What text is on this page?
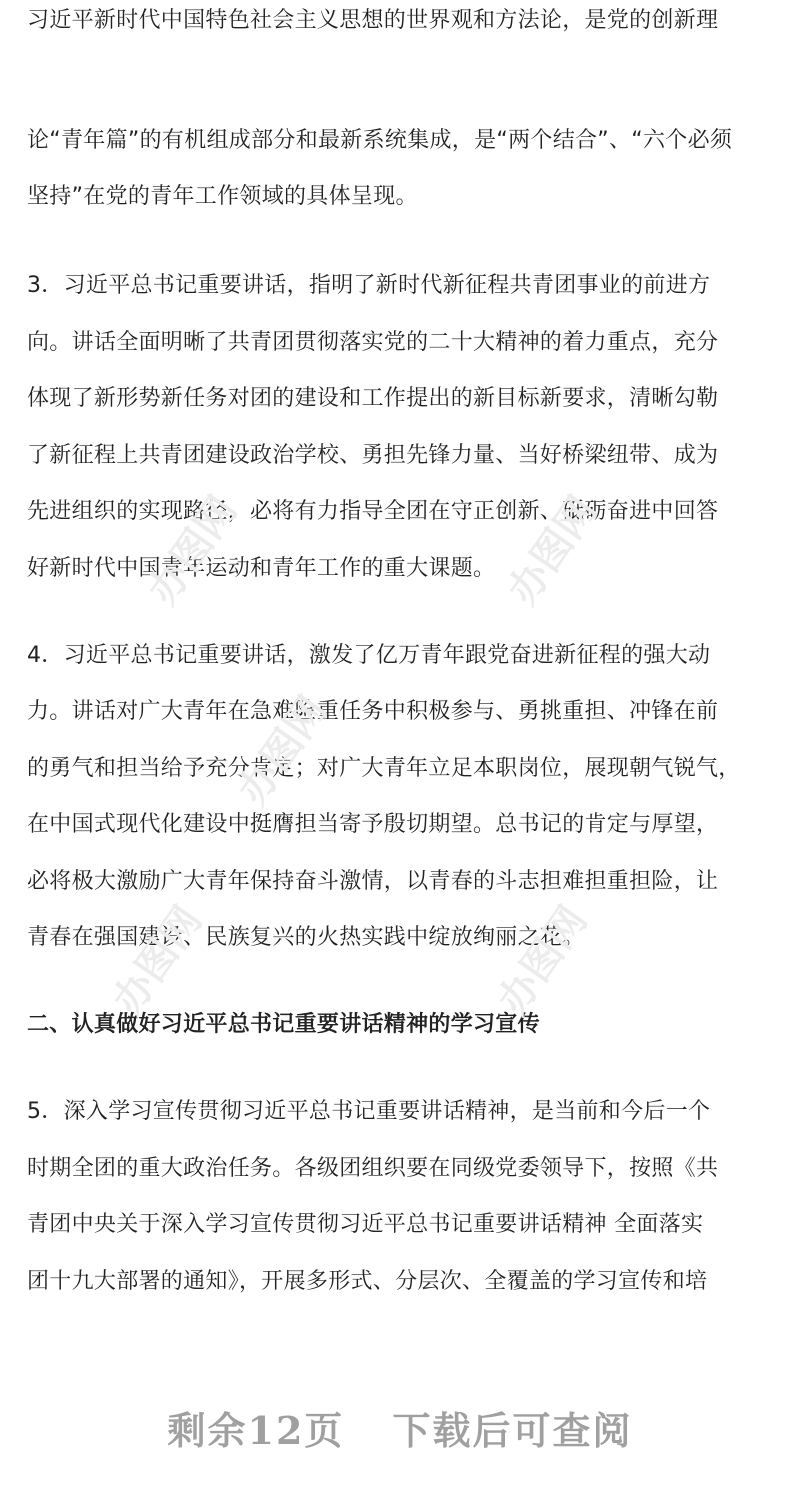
习近平新时代中国特色社会主义思想的世界观和方法论，是党的创新理
论“青年篇”的有机组成部分和最新系统集成，是“两个结合”、“六个必须
坚持”在党的青年工作领域的具体呈现。
3．习近平总书记重要讲话，指明了新时代新征程共青团事业的前进方
向。讲话全面明晰了共青团贯彻落实党的二十大精神的着力重点，充分
体现了新形势新任务对团的建设和工作提出的新目标新要求，清晰勾勒
了新征程上共青团建设政治学校、勇担先锋力量、当好桥梁纽带、成为
先进组织的实现路径，必将有力指导全团在守正创新、砥砺奋进中回答
好新时代中国青年运动和青年工作的重大课题。
4．习近平总书记重要讲话，激发了亿万青年跟党奋进新征程的强大动
力。讲话对广大青年在急难险重任务中积极参与、勇挑重担、冲锋在前
的勇气和担当给予充分肯定；对广大青年立足本职岗位，展现朝气锐气，
在中国式现代化建设中挺膺担当寄予殷切期望。总书记的肯定与厚望，
必将极大激励广大青年保持奋斗激情，以青春的斗志担难担重担险，让
青春在强国建设、民族复兴的火热实践中绽放绚丽之花。
二、认真做好习近平总书记重要讲话精神的学习宣传
5．深入学习宣传贯彻习近平总书记重要讲话精神，是当前和今后一个
时期全团的重大政治任务。各级团组织要在同级党委领导下，按照《共
青团中央关于深入学习宣传贯彻习近平总书记重要讲话精神 全面落实
团十九大部署的通知》，开展多形式、分层次、全覆盖的学习宣传和培
办图网	办图网
办图网
办图网	办图网
剩余12页 下载后可查阅
